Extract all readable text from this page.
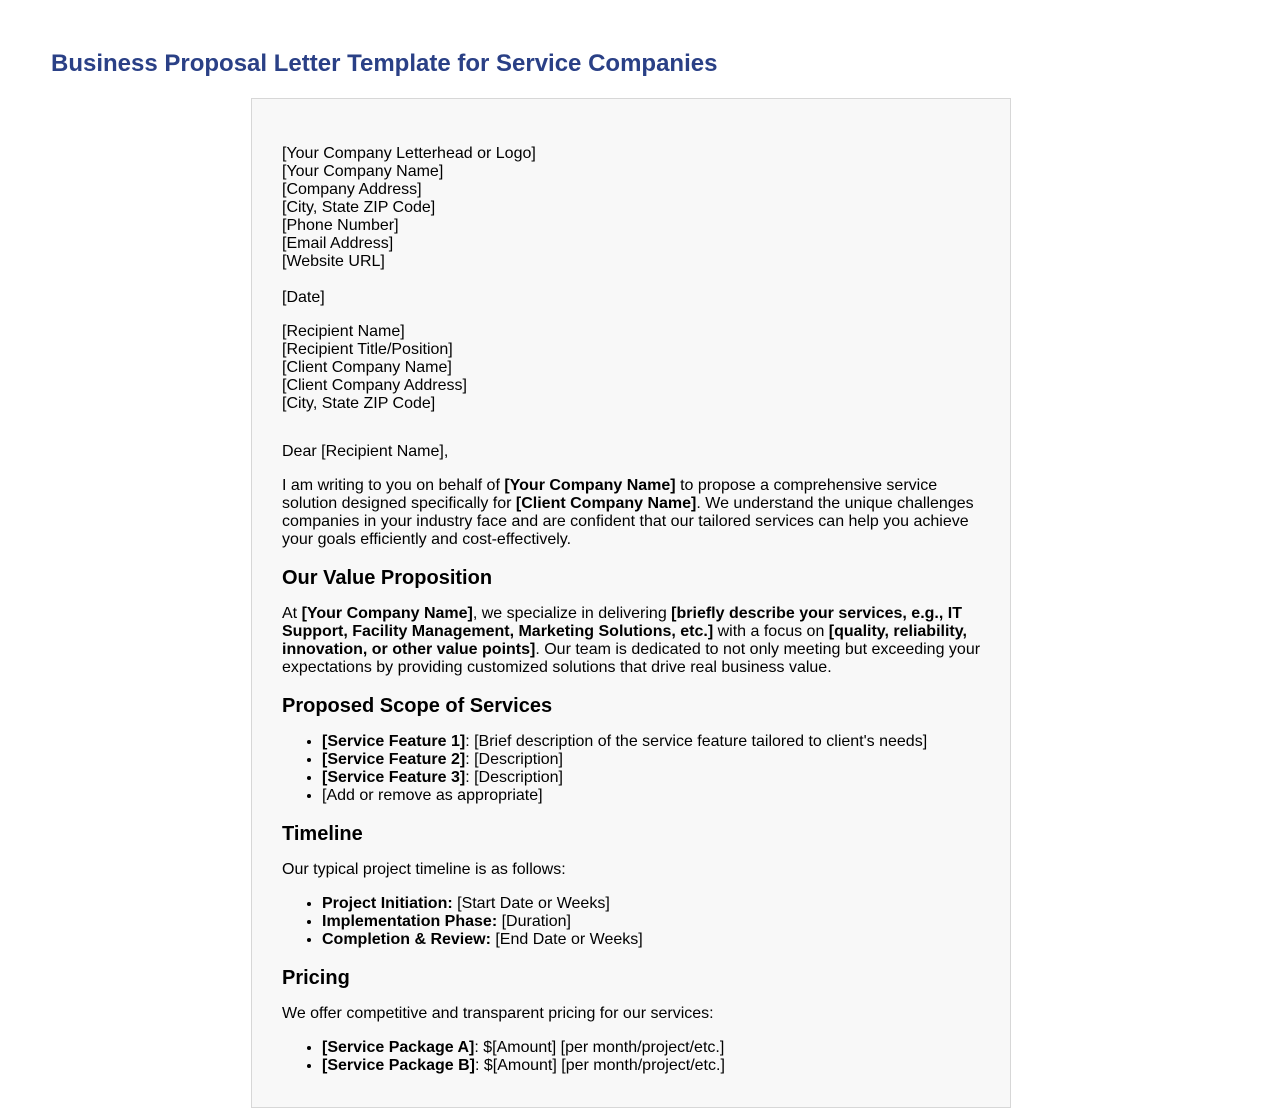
Business Proposal Letter Template for Service Companies
[Your Company Letterhead or Logo]
[Your Company Name]
[Company Address]
[City, State ZIP Code]
[Phone Number]
[Email Address]
[Website URL]

[Date]

[Recipient Name]
[Recipient Title/Position]
[Client Company Name]
[Client Company Address]
[City, State ZIP Code]

Dear [Recipient Name],

I am writing to you on behalf of [Your Company Name] to propose a comprehensive service solution designed specifically for [Client Company Name]. We understand the unique challenges companies in your industry face and are confident that our tailored services can help you achieve your goals efficiently and cost-effectively.

Our Value Proposition

At [Your Company Name], we specialize in delivering [briefly describe your services, e.g., IT Support, Facility Management, Marketing Solutions, etc.] with a focus on [quality, reliability, innovation, or other value points]. Our team is dedicated to not only meeting but exceeding your expectations by providing customized solutions that drive real business value.

Proposed Scope of Services
• [Service Feature 1]: [Brief description of the service feature tailored to client's needs]
• [Service Feature 2]: [Description]
• [Service Feature 3]: [Description]
• [Add or remove as appropriate]
Timeline

Our typical project timeline is as follows:

• Project Initiation: [Start Date or Weeks]
• Implementation Phase: [Duration]
• Completion & Review: [End Date or Weeks]
Pricing

We offer competitive and transparent pricing for our services:

• [Service Package A]: $[Amount] [per month/project/etc.]
• [Service Package B]: $[Amount] [per month/project/etc.]
